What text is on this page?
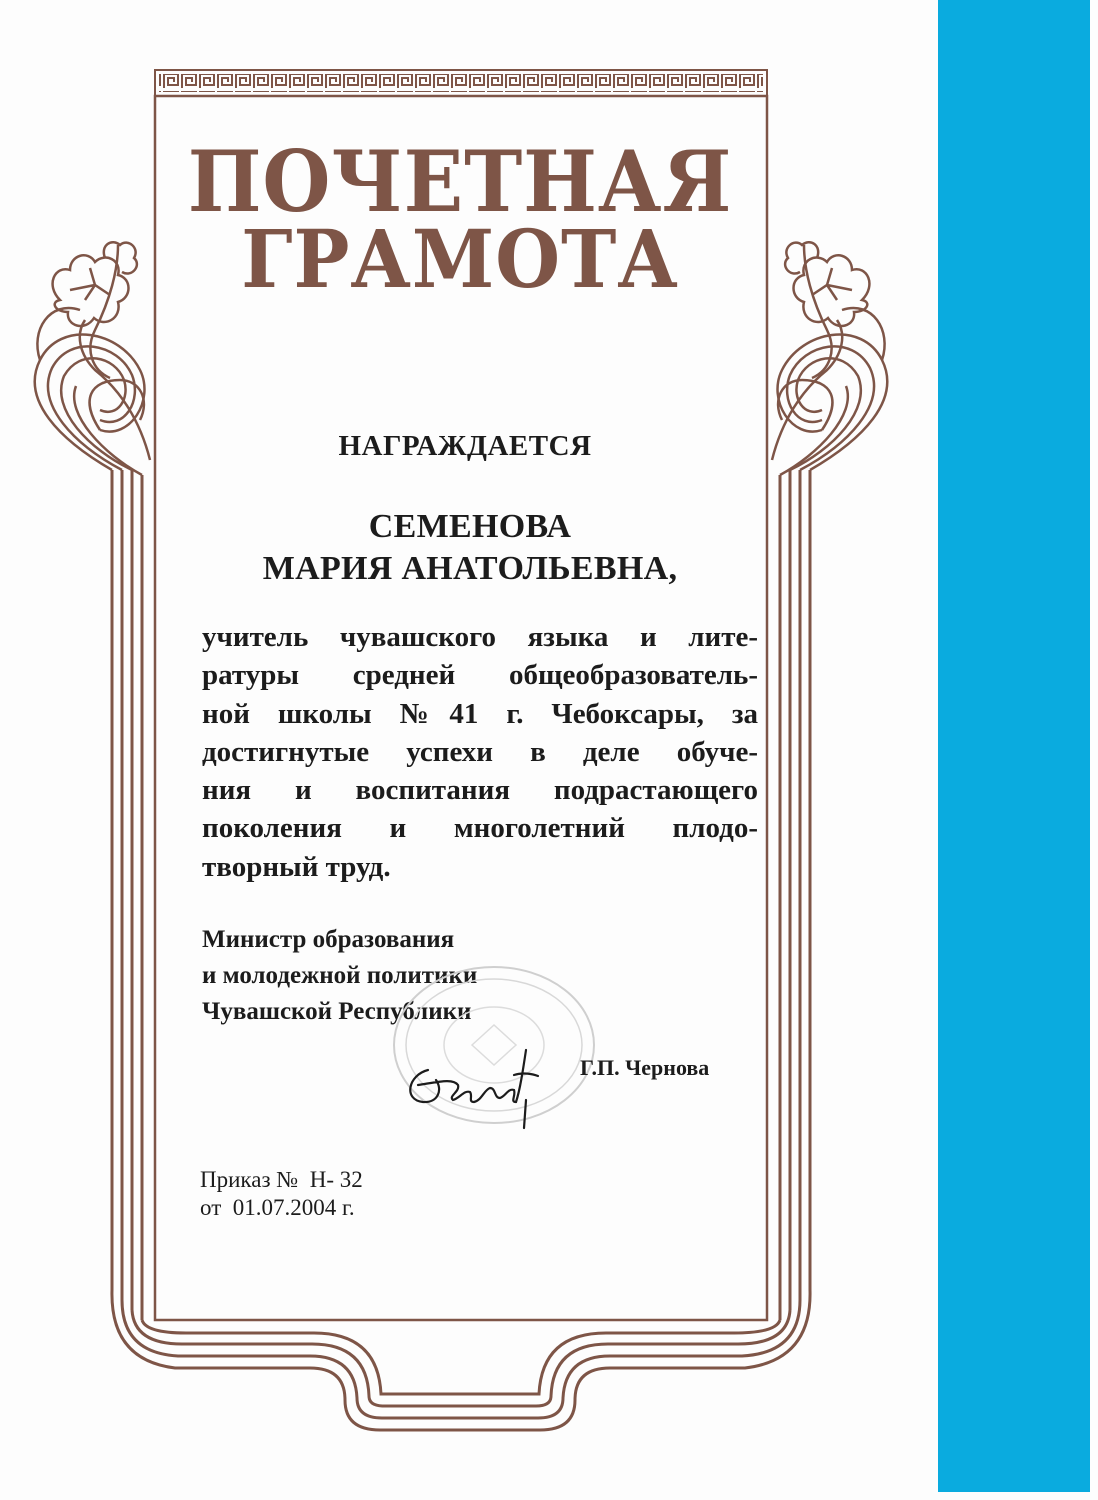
ПОЧЕТНАЯ
ГРАМОТА
НАГРАЖДАЕТСЯ
СЕМЕНОВА
МАРИЯ АНАТОЛЬЕВНА,
учитель чувашского языка и лите-
ратуры средней общеобразователь-
ной школы №41 г. Чебоксары, за
достигнутые успехи в деле обуче-
ния и воспитания подрастающего
поколения и многолетний плодо-
творный труд.
Министр образования
и молодежной политики
Чувашской Республики
Г.П. Чернова
Приказ №  Н- 32
от  01.07.2004 г.
